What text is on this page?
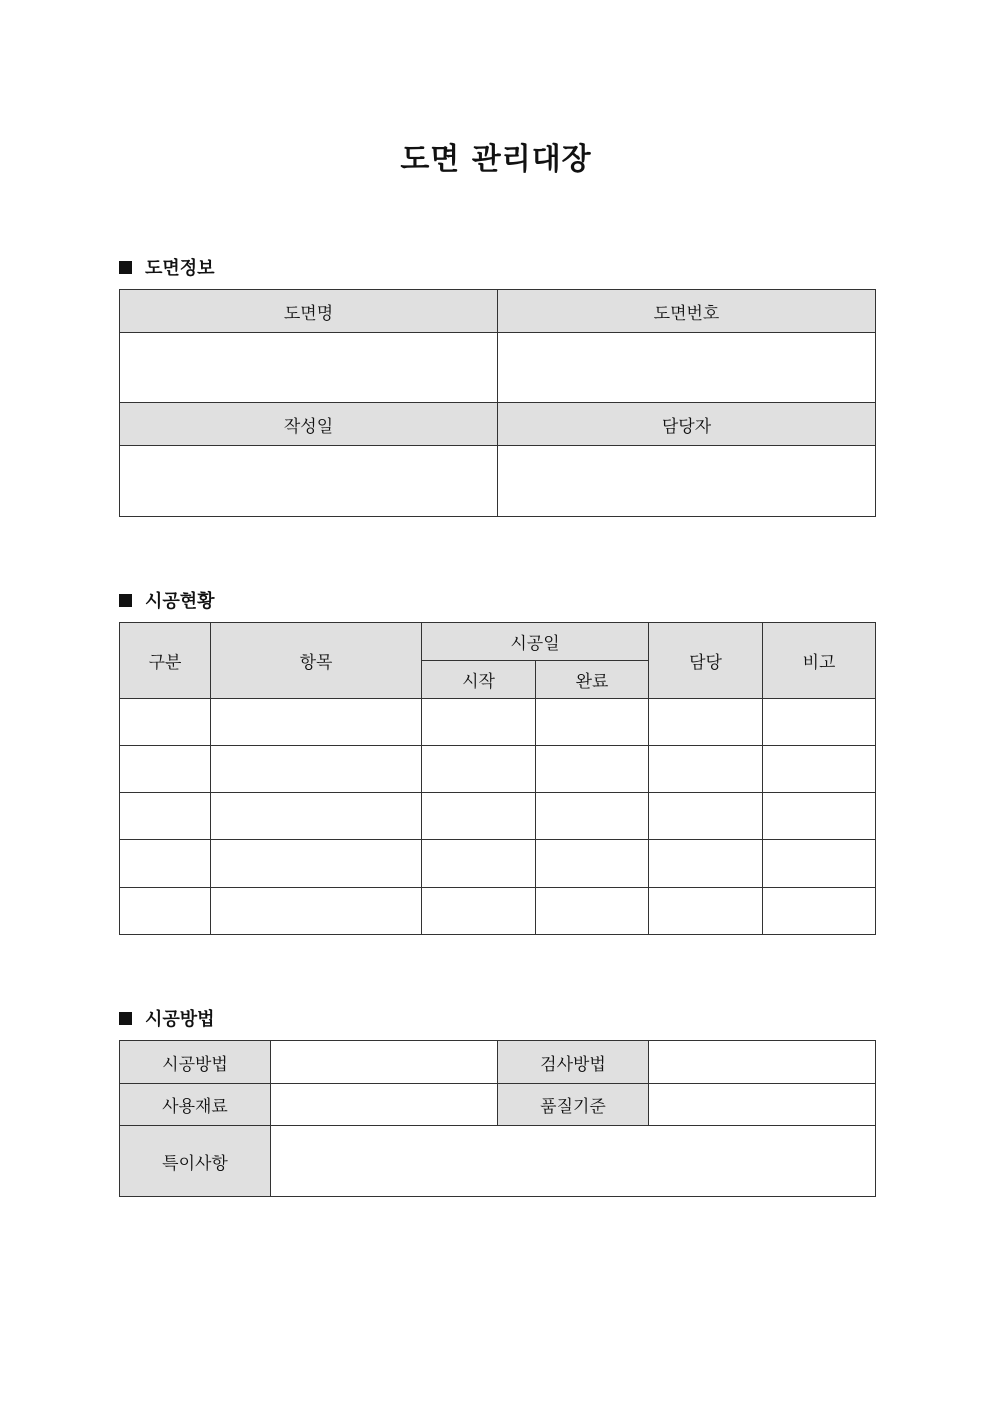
도면 관리대장
도면정보
도면명	도면번호

작성일	담당자

시공현황
구분	항목	시공일		담당	비고
		시작	완료		

시공방법
시공방법		검사방법	
사용재료		품질기준	
특이사항			
